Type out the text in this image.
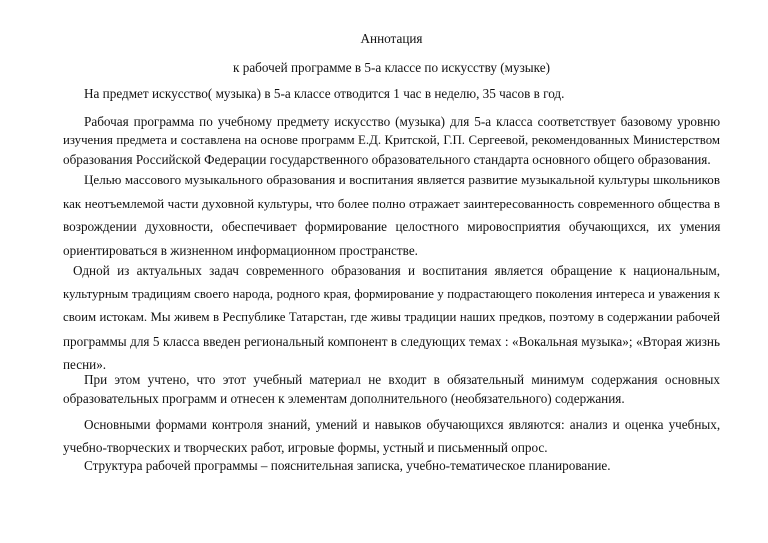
Аннотация
к рабочей программе в 5-а классе по искусству (музыке)
На предмет искусство( музыка) в 5-а классе отводится 1 час в неделю, 35 часов в год.
Рабочая программа по учебному предмету искусство (музыка) для 5-а класса соответствует базовому уровню
изучения предмета и составлена на основе программ Е.Д. Критской, Г.П. Сергеевой, рекомендованных Министерством
образования Российской Федерации государственного образовательного стандарта основного общего образования.
Целью массового музыкального образования и воспитания является развитие музыкальной культуры школьников
как неотъемлемой части духовной культуры, что более полно отражает заинтересованность современного общества в
возрождении духовности, обеспечивает формирование целостного мировосприятия обучающихся, их умения
ориентироваться в жизненном информационном пространстве.
Одной из актуальных задач современного образования и воспитания является обращение к национальным,
культурным традициям своего народа, родного края, формирование у подрастающего поколения интереса и уважения к
своим истокам. Мы живем в Республике Татарстан, где живы традиции наших предков, поэтому в содержании рабочей
программы для 5 класса введен региональный компонент в следующих темах : «Вокальная музыка»; «Вторая жизнь
песни».
При этом учтено, что этот учебный материал не входит в обязательный минимум содержания основных
образовательных программ и отнесен к элементам дополнительного (необязательного) содержания.
Основными формами контроля знаний, умений и навыков обучающихся являются: анализ и оценка учебных,
учебно-творческих и творческих работ, игровые формы, устный и письменный опрос.
Структура рабочей программы – пояснительная записка, учебно-тематическое планирование.
